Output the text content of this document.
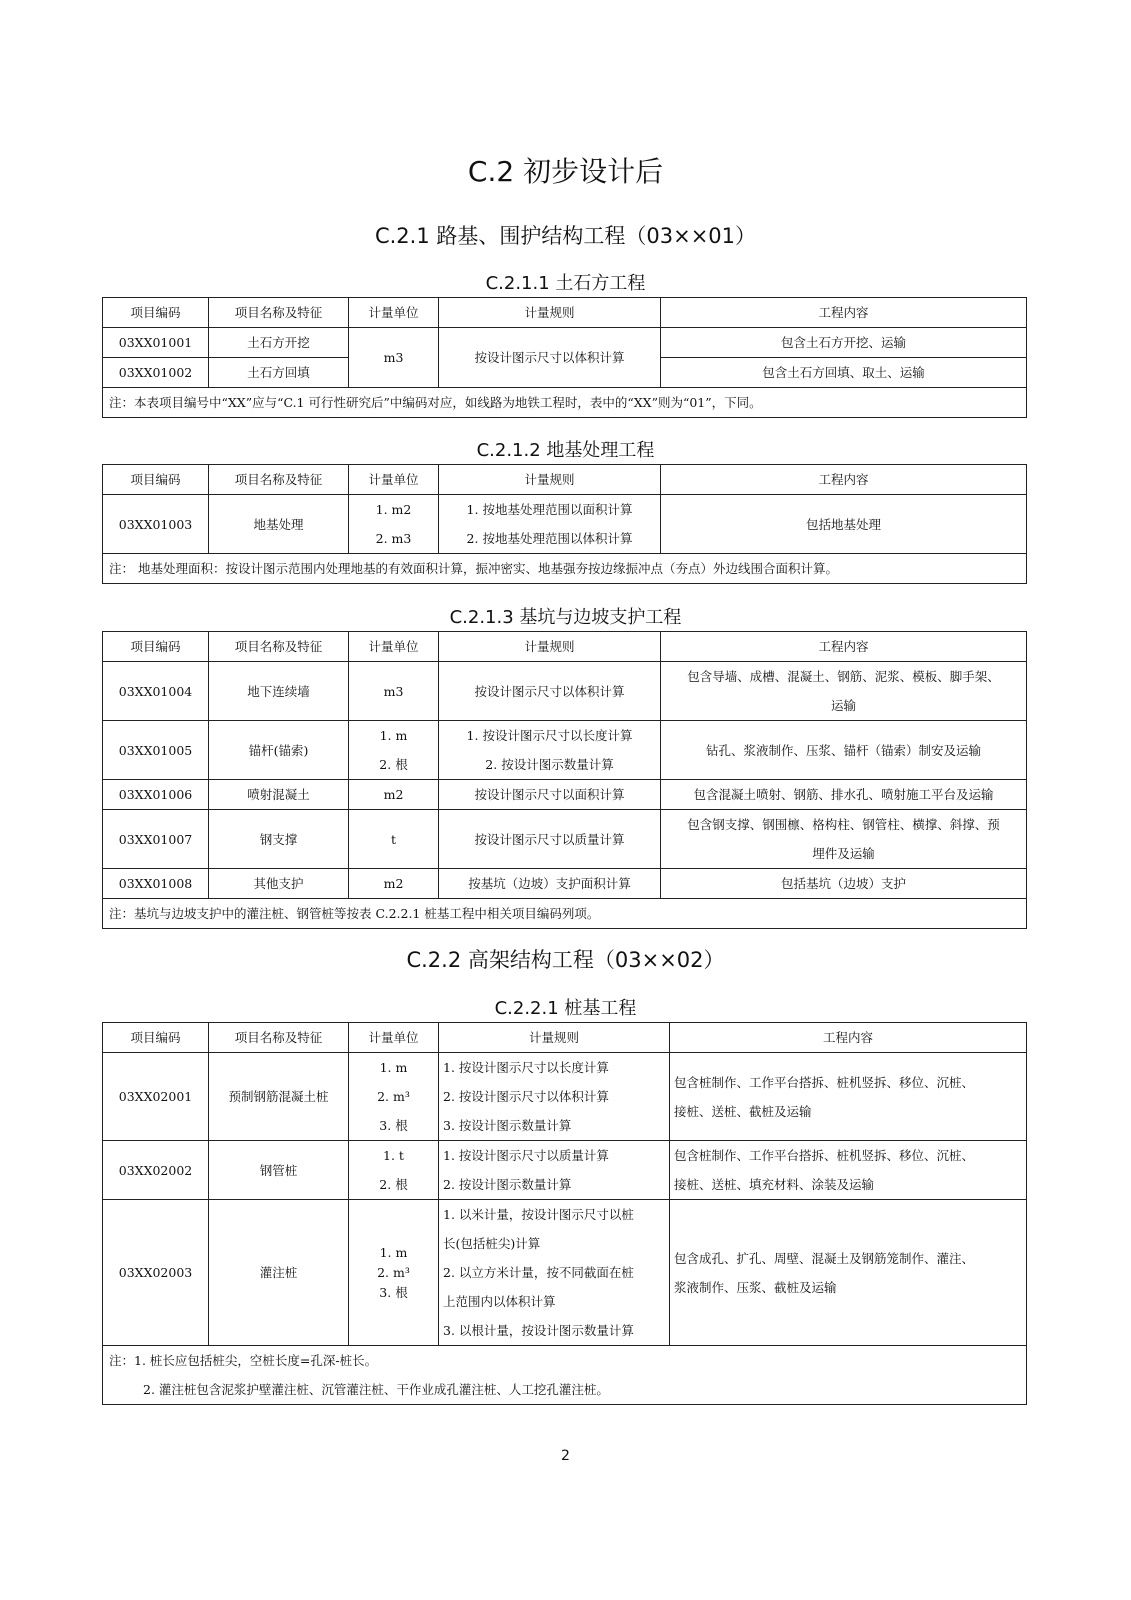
C.2 初步设计后
C.2.1 路基、围护结构工程（03××01）
C.2.1.1 土石方工程
项目编码	项目名称及特征	计量单位	计量规则	工程内容
03XX01001	土石方开挖	m3	按设计图示尺寸以体积计算	包含土石方开挖、运输
03XX01002	土石方回填			包含土石方回填、取土、运输
注：本表项目编号中“XX”应与“C.1 可行性研究后”中编码对应，如线路为地铁工程时，表中的“XX”则为“01”，下同。				
C.2.1.2 地基处理工程
项目编码	项目名称及特征	计量单位	计量规则	工程内容
03XX01003	地基处理	1. m2
2. m3	1. 按地基处理范围以面积计算
2. 按地基处理范围以体积计算	包括地基处理
注： 地基处理面积：按设计图示范围内处理地基的有效面积计算，振冲密实、地基强夯按边缘振冲点（夯点）外边线围合面积计算。				
C.2.1.3 基坑与边坡支护工程
项目编码	项目名称及特征	计量单位	计量规则	工程内容
03XX01004	地下连续墙	m3	按设计图示尺寸以体积计算	包含导墙、成槽、混凝土、钢筋、泥浆、模板、脚手架、
运输

03XX01005	锚杆(锚索)	1. m
2. 根	1. 按设计图示尺寸以长度计算
2. 按设计图示数量计算	钻孔、浆液制作、压浆、锚杆（锚索）制安及运输
03XX01006	喷射混凝土	m2	按设计图示尺寸以面积计算	包含混凝土喷射、钢筋、排水孔、喷射施工平台及运输
03XX01007	钢支撑	t	按设计图示尺寸以质量计算	包含钢支撑、钢围檩、格构柱、钢管柱、横撑、斜撑、预
埋件及运输

03XX01008	其他支护	m2	按基坑（边坡）支护面积计算	包括基坑（边坡）支护
注：基坑与边坡支护中的灌注桩、钢管桩等按表 C.2.2.1 桩基工程中相关项目编码列项。				
C.2.2 高架结构工程（03××02）
C.2.2.1 桩基工程
项目编码	项目名称及特征	计量单位	计量规则	工程内容
03XX02001	预制钢筋混凝土桩	1. m
2. m³
3. 根	1. 按设计图示尺寸以长度计算
2. 按设计图示尺寸以体积计算
3. 按设计图示数量计算	包含桩制作、工作平台搭拆、桩机竖拆、移位、沉桩、
接桩、送桩、截桩及运输

03XX02002	钢管桩	1. t
2. 根	1. 按设计图示尺寸以质量计算
2. 按设计图示数量计算	包含桩制作、工作平台搭拆、桩机竖拆、移位、沉桩、
接桩、送桩、填充材料、涂装及运输

03XX02003	灌注桩	1. m
2. m³
3. 根	1. 以米计量，按设计图示尺寸以桩
长(包括桩尖)计算
2. 以立方米计量，按不同截面在桩
上范围内以体积计算
3. 以根计量，按设计图示数量计算	包含成孔、扩孔、周壁、混凝土及钢筋笼制作、灌注、
浆液制作、压浆、截桩及运输

注：1. 桩长应包括桩尖，空桩长度=孔深-桩长。
2. 灌注桩包含泥浆护壁灌注桩、沉管灌注桩、干作业成孔灌注桩、人工挖孔灌注桩。				
2
